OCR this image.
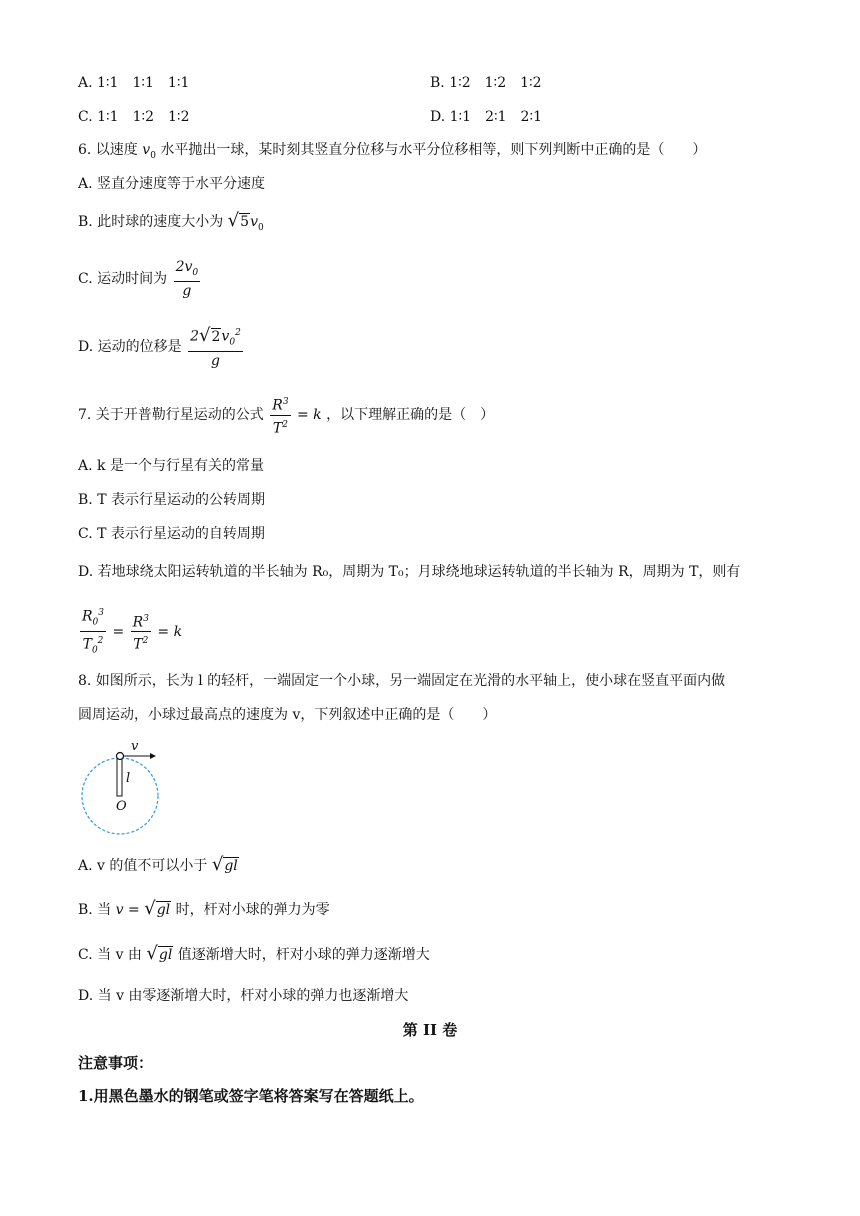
A. 1∶1　1∶1　1∶1	B. 1∶2　1∶2　1∶2
C. 1∶1　1∶2　1∶2	D. 1∶1　2∶1　2∶1
6. 以速度 $v_0$ 水平抛出一球，某时刻其竖直分位移与水平分位移相等，则下列判断中正确的是（　　）
A. 竖直分速度等于水平分速度
B. 此时球的速度大小为 √ 5 $v_0$
C. 运动时间为 $\frac{2v_0}{g}$
D. 运动的位移是 $\frac{2 √ 2 v_0^2}{g}$
7. 关于开普勒行星运动的公式 $\frac{R^3}{T^2} = k$ ，以下理解正确的是（　）
A. k 是一个与行星有关的常量
B. T 表示行星运动的公转周期
C. T 表示行星运动的自转周期
D. 若地球绕太阳运转轨道的半长轴为 R₀，周期为 T₀；月球绕地球运转轨道的半长轴为 R，周期为 T，则有
$\frac{R_0^3}{T_0^2} = \frac{R^3}{T^2} = k$
8. 如图所示，长为 l 的轻杆，一端固定一个小球，另一端固定在光滑的水平轴上，使小球在竖直平面内做
圆周运动，小球过最高点的速度为 v，下列叙述中正确的是（　　）
v
l
O
A. v 的值不可以小于 √ gl
B. 当 v = √ gl 时，杆对小球的弹力为零
C. 当 v 由 √ gl 值逐渐增大时，杆对小球的弹力逐渐增大
D. 当 v 由零逐渐增大时，杆对小球的弹力也逐渐增大
第 II 卷
注意事项：
1.用黑色墨水的钢笔或签字笔将答案写在答题纸上。
